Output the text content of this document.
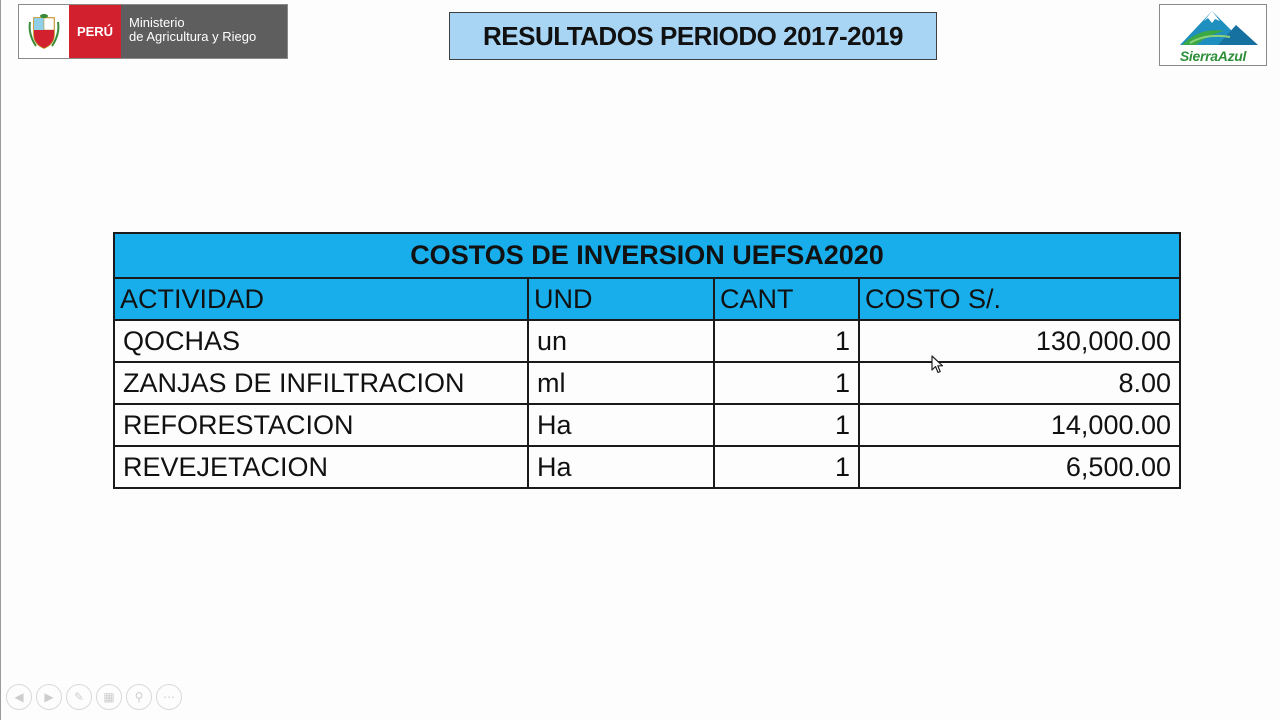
PERÚ
Ministerio
de Agricultura y Riego	RESULTADOS PERIODO 2017-2019
SierraAzul
COSTOS DE INVERSION UEFSA2020			
ACTIVIDAD	UND	CANT	COSTO S/.
QOCHAS	un	1	130,000.00
ZANJAS DE INFILTRACION	ml	1	8.00
REFORESTACION	Ha	1	14,000.00
REVEJETACION	Ha	1	6,500.00
◀	▶	✎	▦	⚲	⋯
